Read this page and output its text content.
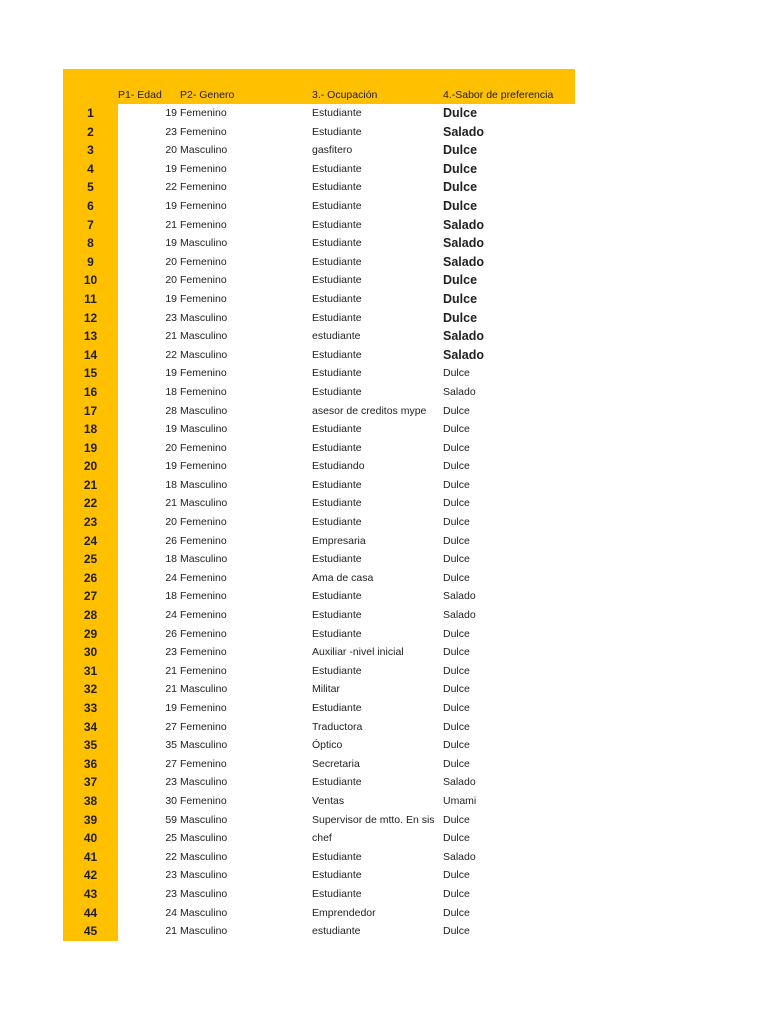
P1- Edad P2- Genero	3.- Ocupación	4.-Sabor de preferencia
1	19 Femenino	Estudiante	Dulce
2	23 Femenino	Estudiante	Salado
3	20 Masculino	gasfitero	Dulce
4	19 Femenino	Estudiante	Dulce
5	22 Femenino	Estudiante	Dulce
6	19 Femenino	Estudiante	Dulce
7	21 Femenino	Estudiante	Salado
8	19 Masculino	Estudiante	Salado
9	20 Femenino	Estudiante	Salado
10	20 Femenino	Estudiante	Dulce
11	19 Femenino	Estudiante	Dulce
12	23 Masculino	Estudiante	Dulce
13	21 Masculino	estudiante	Salado
14	22 Masculino	Estudiante	Salado
15	19 Femenino	Estudiante	Dulce
16	18 Femenino	Estudiante	Salado
17	28 Masculino	asesor de creditos mype	Dulce
18	19 Masculino	Estudiante	Dulce
19	20 Femenino	Estudiante	Dulce
20	19 Femenino	Estudiando	Dulce
21	18 Masculino	Estudiante	Dulce
22	21 Masculino	Estudiante	Dulce
23	20 Femenino	Estudiante	Dulce
24	26 Femenino	Empresaria	Dulce
25	18 Masculino	Estudiante	Dulce
26	24 Femenino	Ama de casa	Dulce
27	18 Femenino	Estudiante	Salado
28	24 Femenino	Estudiante	Salado
29	26 Femenino	Estudiante	Dulce
30	23 Femenino	Auxiliar -nivel inicial	Dulce
31	21 Femenino	Estudiante	Dulce
32	21 Masculino	Militar	Dulce
33	19 Femenino	Estudiante	Dulce
34	27 Femenino	Traductora	Dulce
35	35 Masculino	Óptico	Dulce
36	27 Femenino	Secretaria	Dulce
37	23 Masculino	Estudiante	Salado
38	30 Femenino	Ventas	Umami
39	59 Masculino	Supervisor de mtto. En sis Dulce
40	25 Masculino	chef	Dulce
41	22 Masculino	Estudiante	Salado
42	23 Masculino	Estudiante	Dulce
43	23 Masculino	Estudiante	Dulce
44	24 Masculino	Emprendedor	Dulce
45	21 Masculino	estudiante	Dulce
